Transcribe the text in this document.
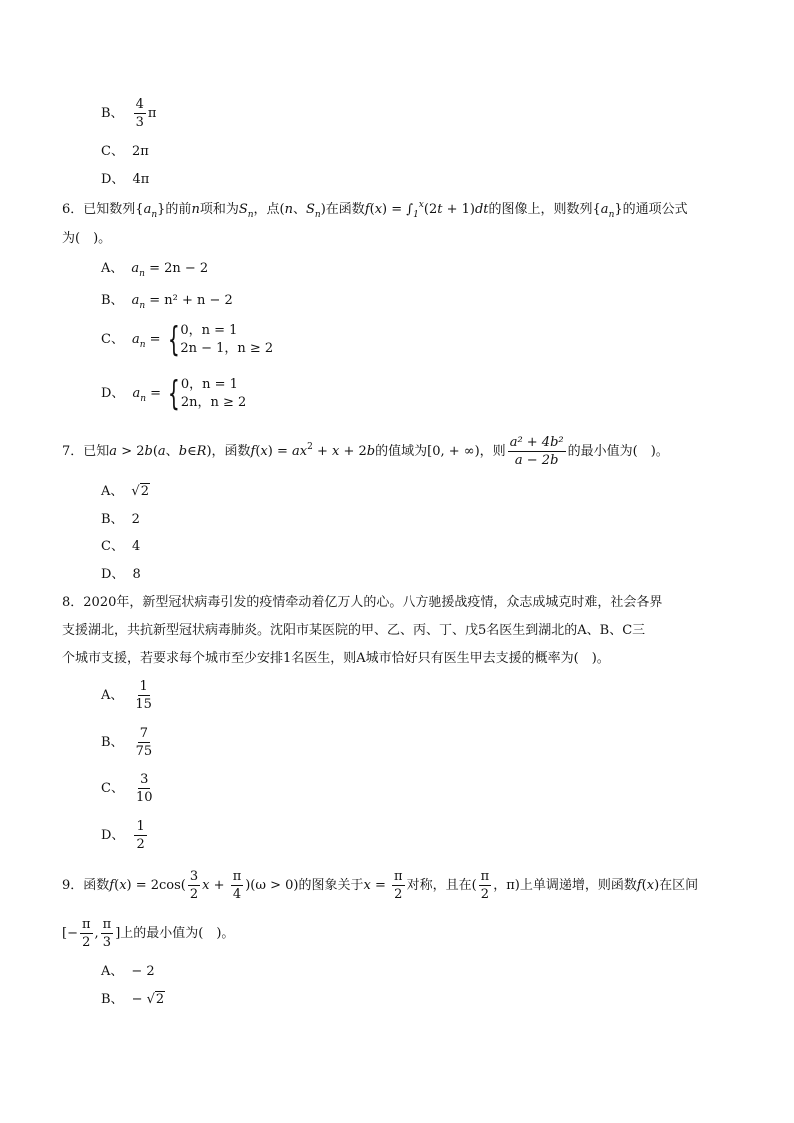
B、 $\frac{4}{3}$ π
C、 2π
D、 4π
6．已知数列$\{a_n\}$的前n项和为$S_n$，点(n、$S_n$)在函数$f(x) = \int_1^x(2t + 1)dt$的图像上，则数列$\{a_n\}$的通项公式
为(　)。
A、 $a_n = 2n - 2$
B、 $a_n = n^2 + n - 2$
C、 $a_n$ = { 0，n = 1
2n − 1，n ≥ 2
D、 $a_n$ = { 0，n = 1
2n，n ≥ 2
7．已知a > 2b(a、b∈R)，函数$f(x) = ax^2 + x + 2b$的值域为[0, + ∞)，则 $\frac{\text{a² + 4b²}}{a - 2b}$ 的最小值为(　)。
A、 √2
B、 2
C、 4
D、 8
8．2020年，新型冠状病毒引发的疫情牵动着亿万人的心。八方驰援战疫情，众志成城克时难，社会各界
支援湖北，共抗新型冠状病毒肺炎。沈阳市某医院的甲、乙、丙、丁、戊5名医生到湖北的A、B、C三
个城市支援，若要求每个城市至少安排1名医生，则A城市恰好只有医生甲去支援的概率为(　)。
A、 $\frac{1}{15}$
B、 $\frac{7}{75}$
C、 $\frac{3}{10}$
D、 $\frac{1}{2}$
9．函数$f(x) = 2\cos( \frac{3}{2}$ $x + \frac{\pi}{4} )(\omega > 0)$的图象关于$x = \frac{\pi}{2}$ 对称，且在( $\frac{\pi}{2}$ ，π)上单调递增，则函数f(x)在区间
[− $\frac{\pi}{2}$ , $\frac{\pi}{3}$ ]上的最小值为(　)。
A、 − 2
B、 − √2
